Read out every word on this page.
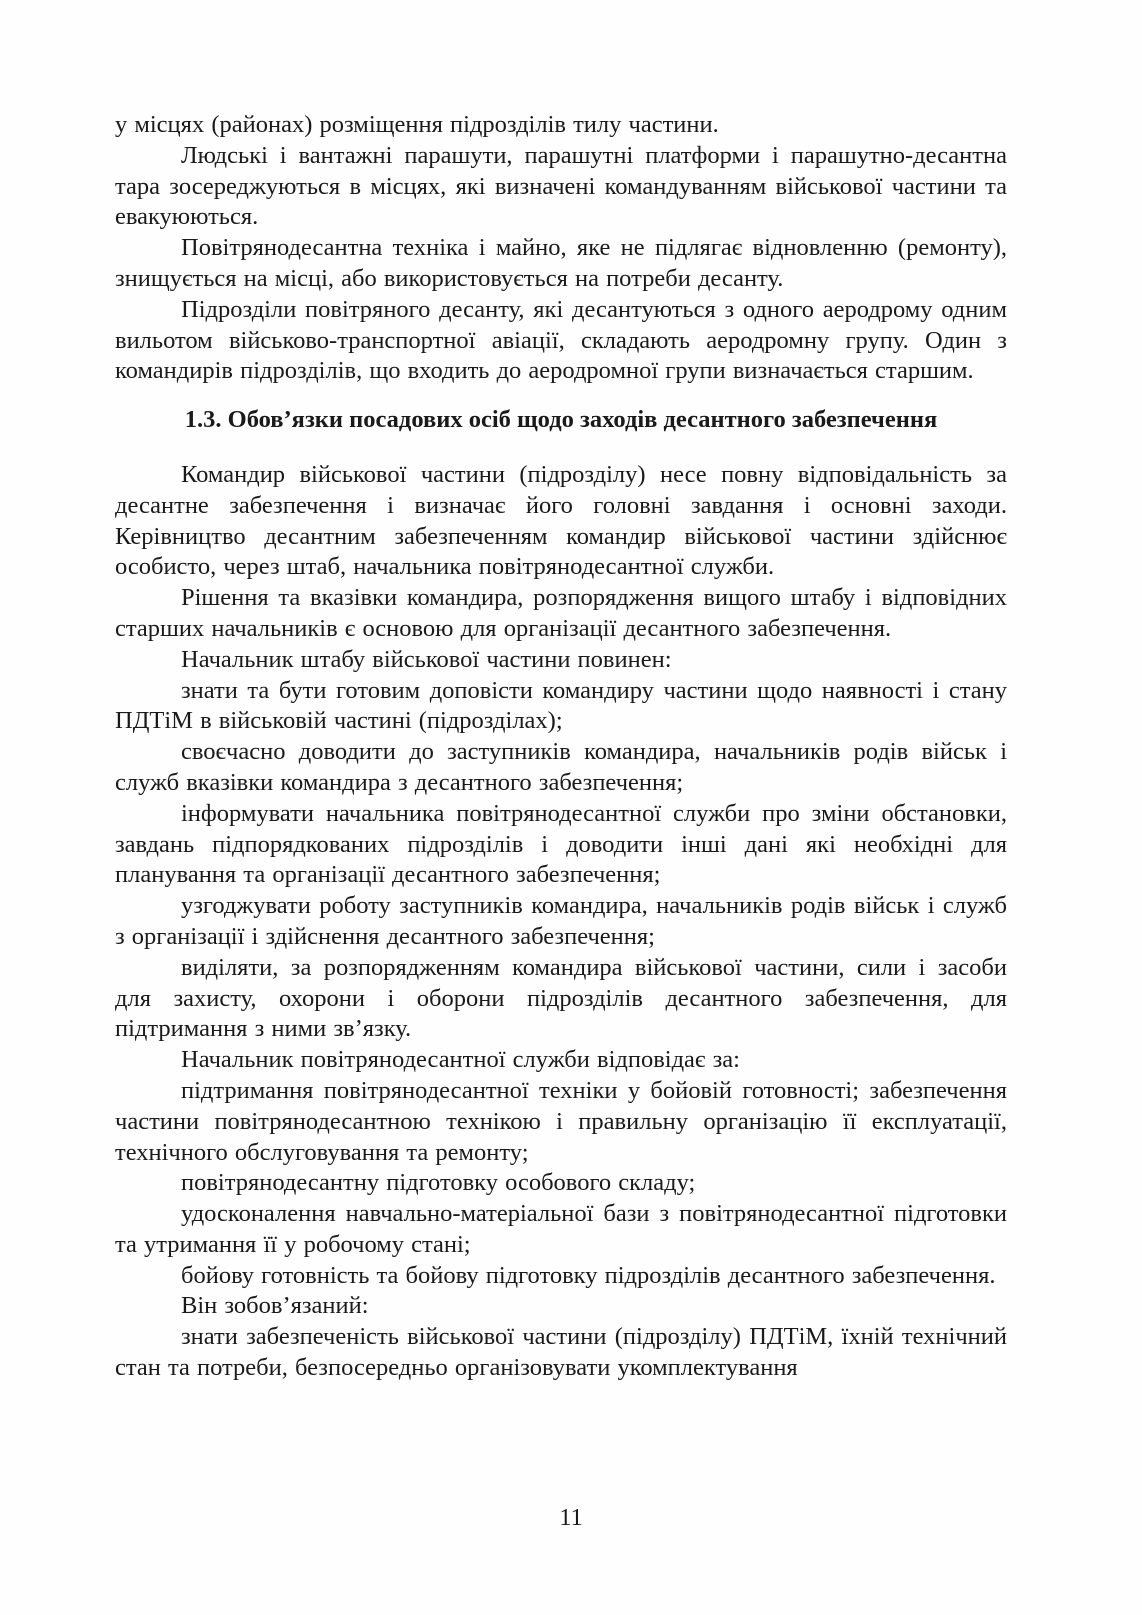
у місцях (районах) розміщення підрозділів тилу частини.

Людські і вантажні парашути, парашутні платформи і парашутно-десантна тара зосереджуються в місцях, які визначені командуванням військової частини та евакуюються.

Повітрянодесантна техніка і майно, яке не підлягає відновленню (ремонту), знищується на місці, або використовується на потреби десанту.

Підрозділи повітряного десанту, які десантуються з одного аеродрому одним вильотом військово-транспортної авіації, складають аеродромну групу. Один з командирів підрозділів, що входить до аеродромної групи визначається старшим.

1.3. Обов’язки посадових осіб щодо заходів десантного забезпечення

Командир військової частини (підрозділу) несе повну відповідальність за десантне забезпечення і визначає його головні завдання і основні заходи. Керівництво десантним забезпеченням командир військової частини здійснює особисто, через штаб, начальника повітрянодесантної служби.

Рішення та вказівки командира, розпорядження вищого штабу і відповідних старших начальників є основою для організації десантного забезпечення.

Начальник штабу військової частини повинен:

знати та бути готовим доповісти командиру частини щодо наявності і стану ПДТіМ в військовій частині (підрозділах);

своєчасно доводити до заступників командира, начальників родів військ і служб вказівки командира з десантного забезпечення;

інформувати начальника повітрянодесантної служби про зміни обстановки, завдань підпорядкованих підрозділів і доводити інші дані які необхідні для планування та організації десантного забезпечення;

узгоджувати роботу заступників командира, начальників родів військ і служб з організації і здійснення десантного забезпечення;

виділяти, за розпорядженням командира військової частини, сили і засоби для захисту, охорони і оборони підрозділів десантного забезпечення, для підтримання з ними зв’язку.

Начальник повітрянодесантної служби відповідає за:

підтримання повітрянодесантної техніки у бойовій готовності; забезпечення частини повітрянодесантною технікою і правильну організацію її експлуатації, технічного обслуговування та ремонту;

повітрянодесантну підготовку особового складу;

удосконалення навчально-матеріальної бази з повітрянодесантної підготовки та утримання її у робочому стані;

бойову готовність та бойову підготовку підрозділів десантного забезпечення.

Він зобов’язаний:

знати забезпеченість військової частини (підрозділу) ПДТіМ, їхній технічний стан та потреби, безпосередньо організовувати укомплектування

11
